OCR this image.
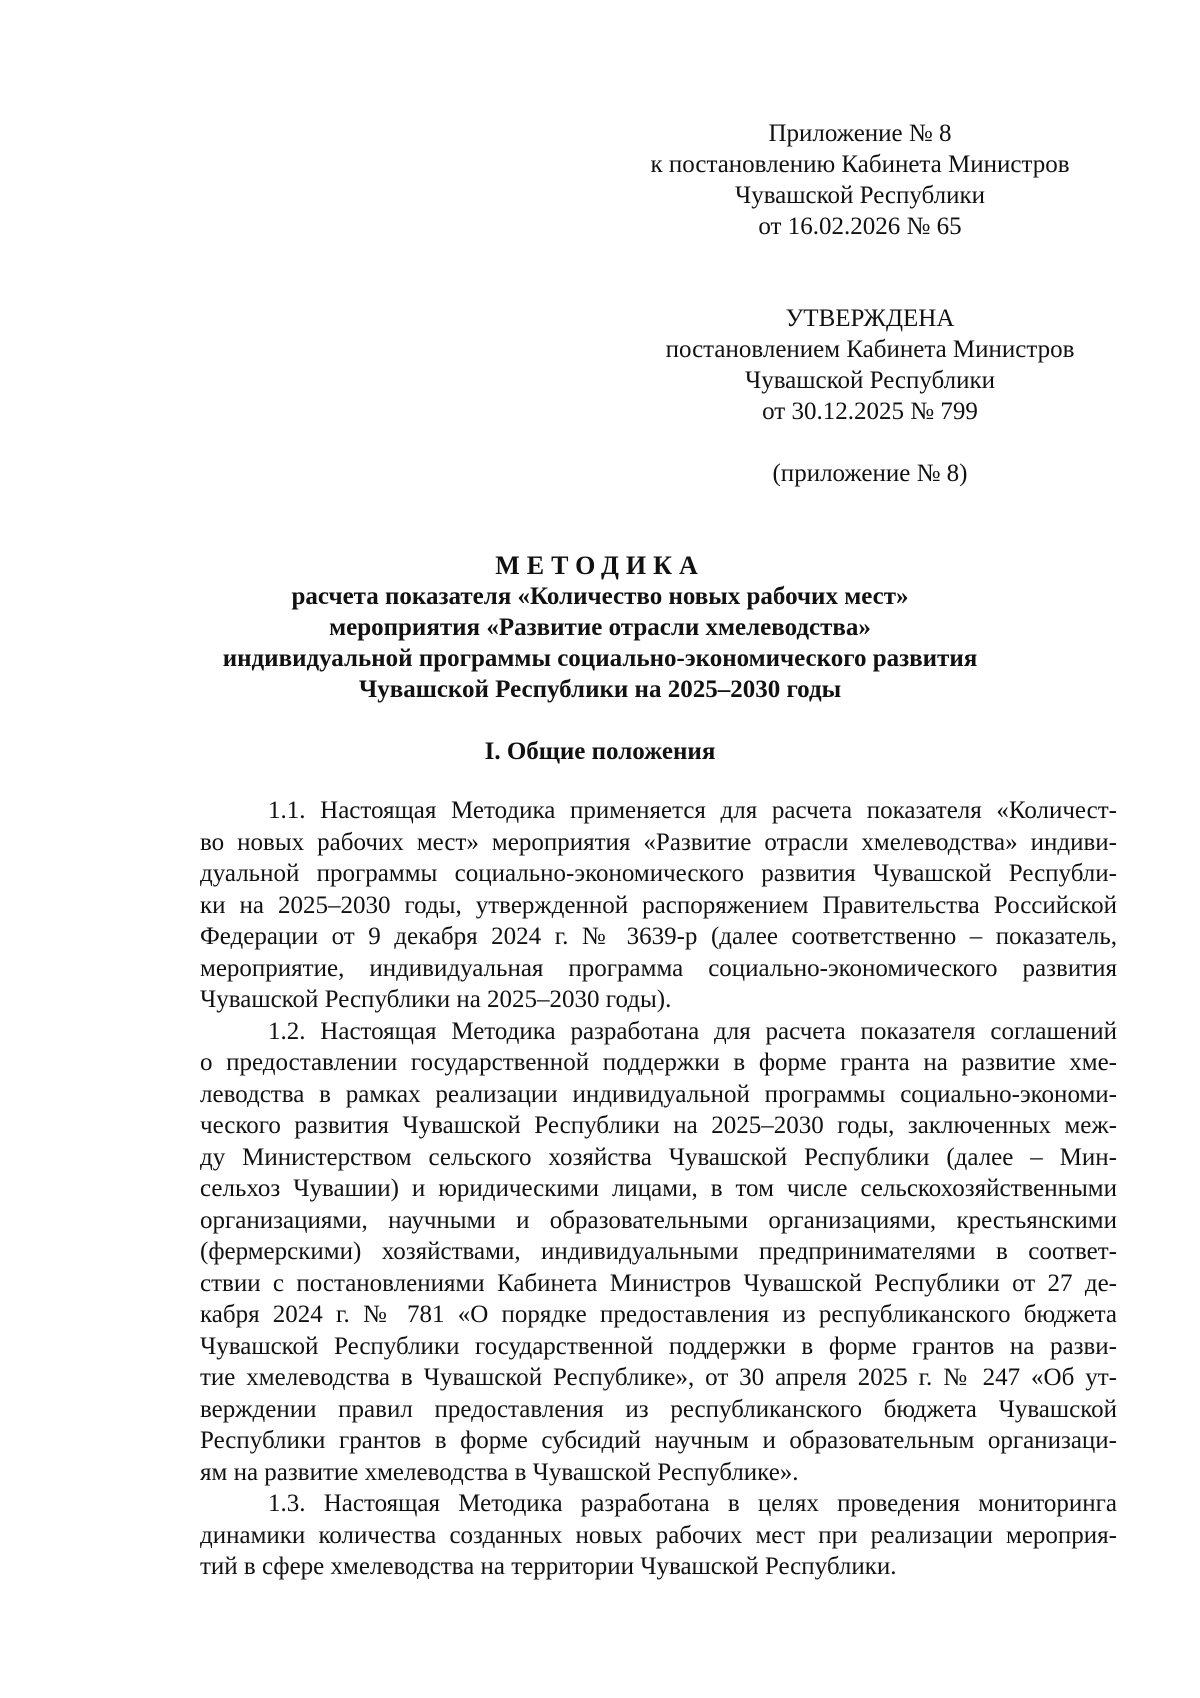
Приложение № 8
к постановлению Кабинета Министров
Чувашской Республики
от 16.02.2026 № 65
УТВЕРЖДЕНА
постановлением Кабинета Министров
Чувашской Республики
от 30.12.2025 № 799
(приложение № 8)
МЕТОДИКА
расчета показателя «Количество новых рабочих мест»
мероприятия «Развитие отрасли хмелеводства»
индивидуальной программы социально-экономического развития
Чувашской Республики на 2025–2030 годы
I. Общие положения
1.1. Настоящая Методика применяется для расчета показателя «Количест-
во новых рабочих мест» мероприятия «Развитие отрасли хмелеводства» индиви-
дуальной программы социально-экономического развития Чувашской Республи-
ки на 2025–2030 годы, утвержденной распоряжением Правительства Российской
Федерации от 9 декабря 2024 г. № 3639-р (далее соответственно – показатель,
мероприятие, индивидуальная программа социально-экономического развития
Чувашской Республики на 2025–2030 годы).
1.2. Настоящая Методика разработана для расчета показателя соглашений
о предоставлении государственной поддержки в форме гранта на развитие хме-
леводства в рамках реализации индивидуальной программы социально-экономи-
ческого развития Чувашской Республики на 2025–2030 годы, заключенных меж-
ду Министерством сельского хозяйства Чувашской Республики (далее – Мин-
сельхоз Чувашии) и юридическими лицами, в том числе сельскохозяйственными
организациями, научными и образовательными организациями, крестьянскими
(фермерскими) хозяйствами, индивидуальными предпринимателями в соответ-
ствии с постановлениями Кабинета Министров Чувашской Республики от 27 де-
кабря 2024 г. № 781 «О порядке предоставления из республиканского бюджета
Чувашской Республики государственной поддержки в форме грантов на разви-
тие хмелеводства в Чувашской Республике», от 30 апреля 2025 г. № 247 «Об ут-
верждении правил предоставления из республиканского бюджета Чувашской
Республики грантов в форме субсидий научным и образовательным организаци-
ям на развитие хмелеводства в Чувашской Республике».
1.3. Настоящая Методика разработана в целях проведения мониторинга
динамики количества созданных новых рабочих мест при реализации мероприя-
тий в сфере хмелеводства на территории Чувашской Республики.
